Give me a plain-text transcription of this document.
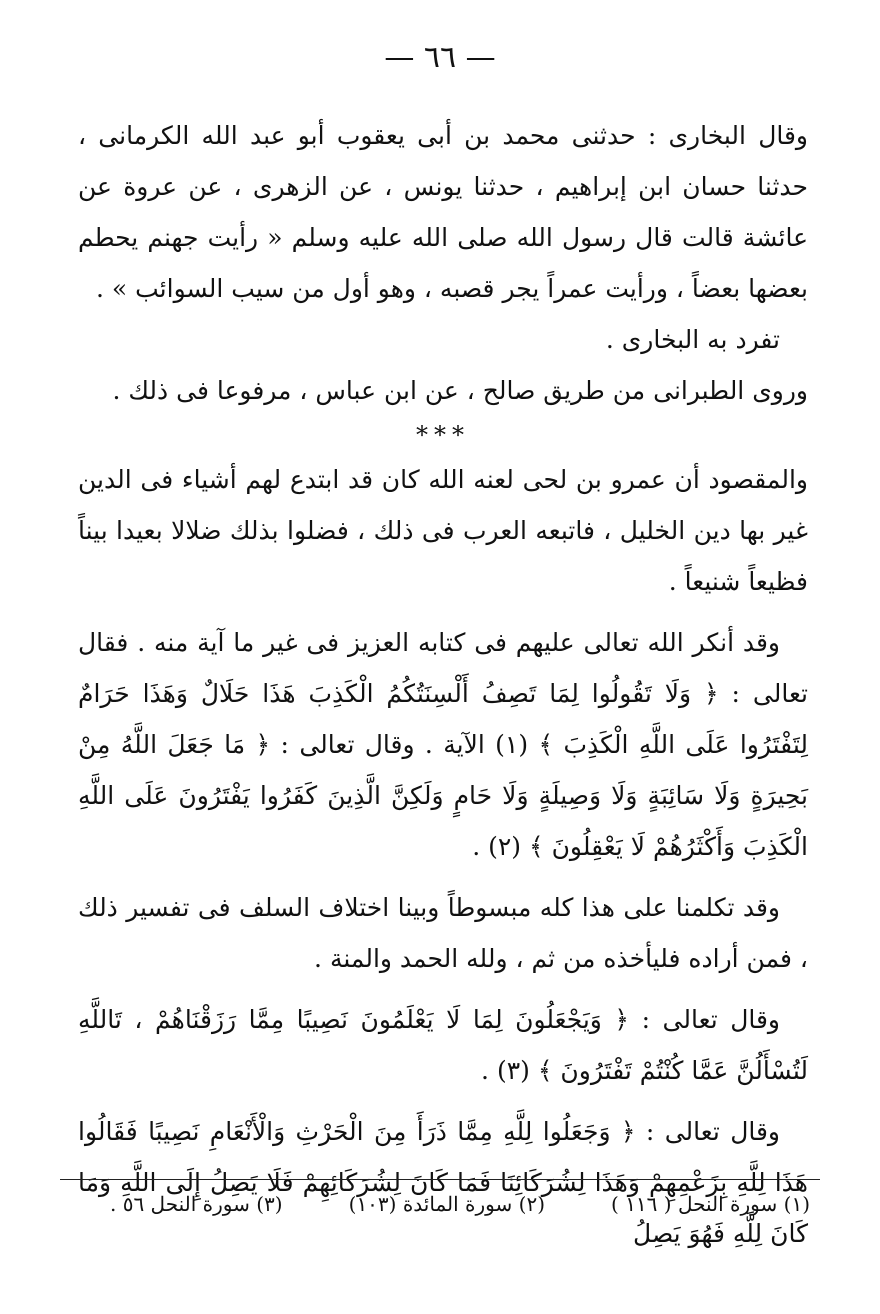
— ٦٦ —

وقال البخارى : حدثنى محمد بن أبى يعقوب أبو عبد الله الكرمانى ، حدثنا حسان ابن إبراهيم ، حدثنا يونس ، عن الزهرى ، عن عروة عن عائشة قالت قال رسول الله صلى الله عليه وسلم « رأيت جهنم يحطم بعضها بعضاً ، ورأيت عمراً يجر قصبه ، وهو أول من سيب السوائب » .

تفرد به البخارى .

وروى الطبرانى من طريق صالح ، عن ابن عباس ، مرفوعا فى ذلك .

***

والمقصود أن عمرو بن لحى لعنه الله كان قد ابتدع لهم أشياء فى الدين غير بها دين الخليل ، فاتبعه العرب فى ذلك ، فضلوا بذلك ضلالا بعيدا بيناً فظيعاً شنيعاً .

وقد أنكر الله تعالى عليهم فى كتابه العزيز فى غير ما آية منه . فقال تعالى : ﴿ وَلَا تَقُولُوا لِمَا تَصِفُ أَلْسِنَتُكُمُ الْكَذِبَ هَذَا حَلَالٌ وَهَذَا حَرَامٌ لِتَفْتَرُوا عَلَى اللَّهِ الْكَذِبَ ﴾ (١) الآية . وقال تعالى : ﴿ مَا جَعَلَ اللَّهُ مِنْ بَحِيرَةٍ وَلَا سَائِبَةٍ وَلَا وَصِيلَةٍ وَلَا حَامٍ وَلَكِنَّ الَّذِينَ كَفَرُوا يَفْتَرُونَ عَلَى اللَّهِ الْكَذِبَ وَأَكْثَرُهُمْ لَا يَعْقِلُونَ ﴾ (٢) .

وقد تكلمنا على هذا كله مبسوطاً وبينا اختلاف السلف فى تفسير ذلك ، فمن أراده فليأخذه من ثم ، ولله الحمد والمنة .

وقال تعالى : ﴿ وَيَجْعَلُونَ لِمَا لَا يَعْلَمُونَ نَصِيبًا مِمَّا رَزَقْنَاهُمْ ، تَاللَّهِ لَتُسْأَلُنَّ عَمَّا كُنْتُمْ تَفْتَرُونَ ﴾ (٣) .

وقال تعالى : ﴿ وَجَعَلُوا لِلَّهِ مِمَّا ذَرَأَ مِنَ الْحَرْثِ وَالْأَنْعَامِ نَصِيبًا فَقَالُوا هَذَا لِلَّهِ بِزَعْمِهِمْ وَهَذَا لِشُرَكَائِنَا فَمَا كَانَ لِشُرَكَائِهِمْ فَلَا يَصِلُ إِلَى اللَّهِ وَمَا كَانَ لِلَّهِ فَهُوَ يَصِلُ

(١) سورة النحل ( ١١٦ )
(٢) سورة المائدة (١٠٣)
(٣) سورة النحل ٥٦ .
